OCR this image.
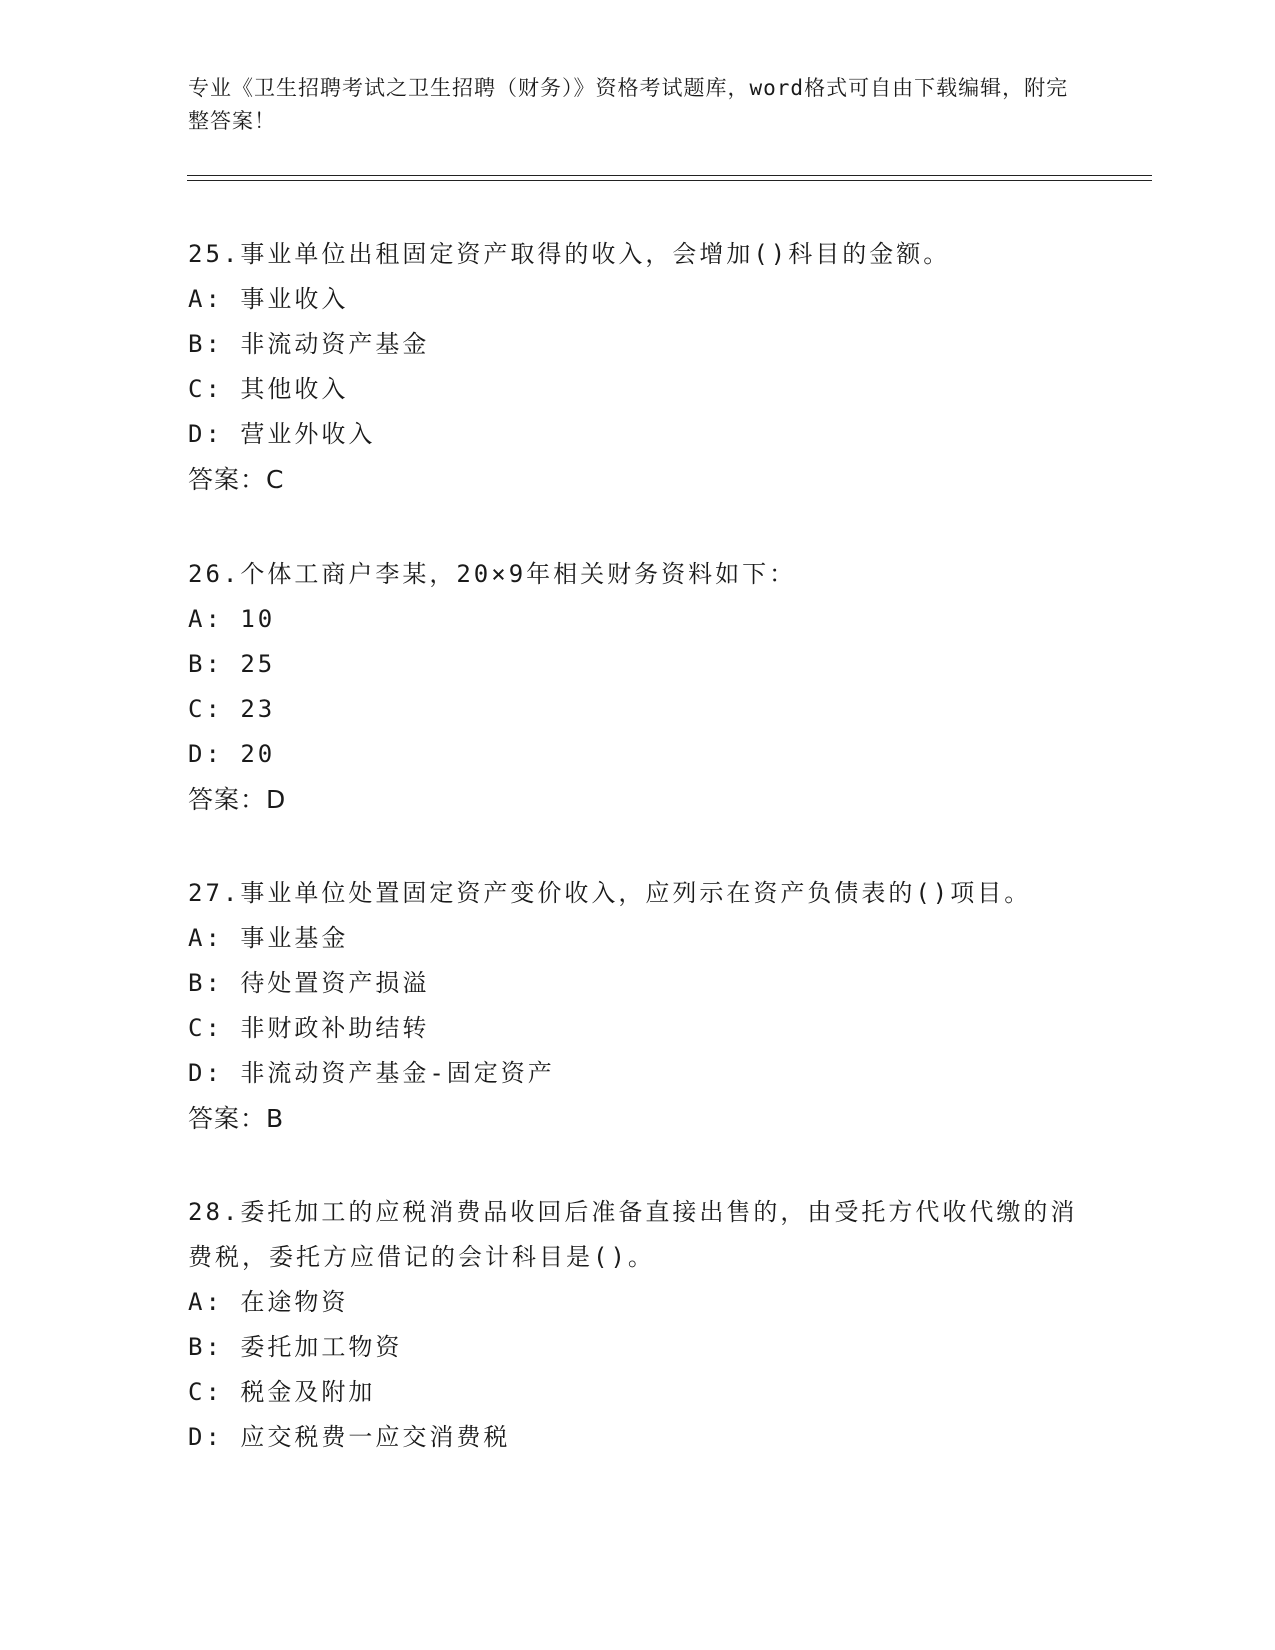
专业《卫生招聘考试之卫生招聘（财务）》资格考试题库，word格式可自由下载编辑，附完整答案！
25.事业单位出租固定资产取得的收入，会增加()科目的金额。
A: 事业收入
B: 非流动资产基金
C: 其他收入
D: 营业外收入
答案：C
26.个体工商户李某，20×9年相关财务资料如下：
A: 10
B: 25
C: 23
D: 20
答案：D
27.事业单位处置固定资产变价收入，应列示在资产负债表的()项目。
A: 事业基金
B: 待处置资产损溢
C: 非财政补助结转
D: 非流动资产基金-固定资产
答案：B
28.委托加工的应税消费品收回后准备直接出售的，由受托方代收代缴的消费税，委托方应借记的会计科目是()。
A: 在途物资
B: 委托加工物资
C: 税金及附加
D: 应交税费一应交消费税
